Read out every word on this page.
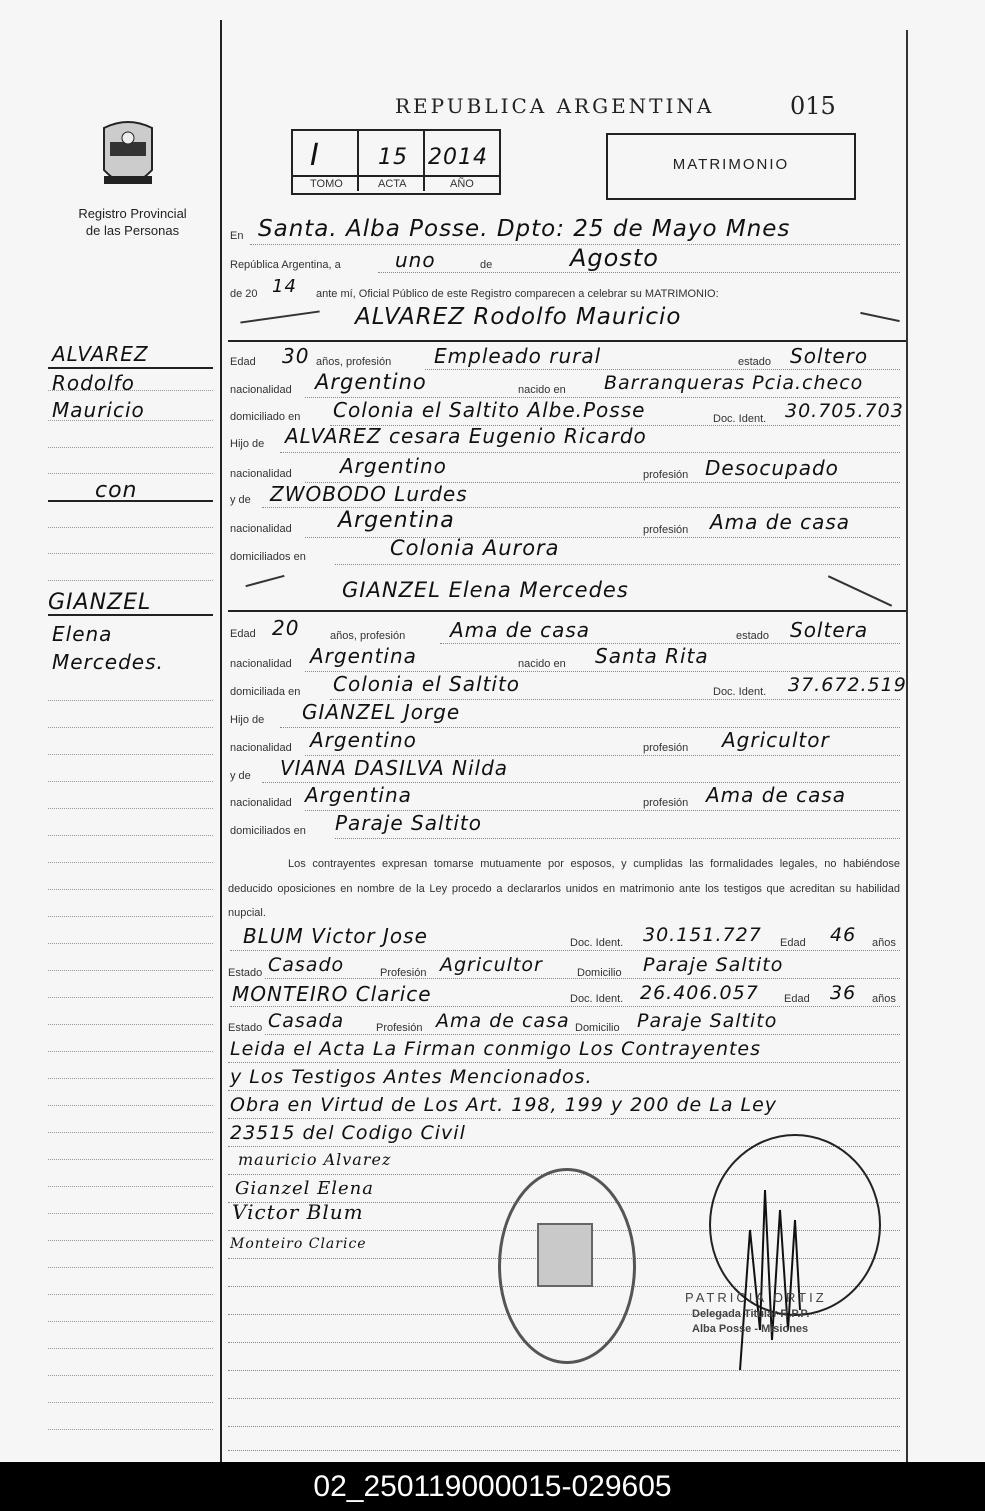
Registro Provincial
de las Personas
REPUBLICA ARGENTINA	015
I	15 2014
TOMO	ACTA	AÑO
MATRIMONIO
ALVAREZ
Rodolfo
Mauricio
con
GIANZEL
Elena
Mercedes.
En Santa. Alba Posse. Dpto: 25 de Mayo Mnes
República Argentina, a	uno	de	Agosto
de 20 14 ante mí, Oficial Público de este Registro comparecen a celebrar su MATRIMONIO:
ALVAREZ Rodolfo Mauricio
Edad 30 años, profesión Empleado rural	estado Soltero
nacionalidad Argentino	nacido en Barranqueras Pcia.checo
domiciliado en Colonia el Saltito Albe.Posse	Doc. Ident. 30.705.703
Hijo de ALVAREZ cesara Eugenio Ricardo
nacionalidad Argentino	profesión Desocupado
y de ZWOBODO Lurdes
nacionalidad Argentina	profesión Ama de casa
domiciliados en	Colonia Aurora
GIANZEL Elena Mercedes
Edad 20	años, profesión Ama de casa	estado Soltera
nacionalidad Argentina	nacido en Santa Rita
domiciliada en Colonia el Saltito	Doc. Ident. 37.672.519
Hijo de GIANZEL Jorge
nacionalidad Argentino	profesión Agricultor
y de VIANA DASILVA Nilda
nacionalidad Argentina	profesión Ama de casa
domiciliados en Paraje Saltito
Los contrayentes expresan tomarse mutuamente por esposos, y cumplidas las formalidades legales, no habiéndose deducido oposiciones en nombre de la Ley procedo a declararlos unidos en matrimonio ante los testigos que acreditan su habilidad nupcial.
BLUM Victor Jose	Doc. Ident. 30.151.727 Edad 46 años
Estado Casado	Profesión Agricultor	Domicilio Paraje Saltito
MONTEIRO Clarice	Doc. Ident. 26.406.057 Edad 36 años
Estado Casada	Profesión Ama de casa Domicilio Paraje Saltito
Leida el Acta La Firman conmigo Los Contrayentes
y Los Testigos Antes Mencionados.
Obra en Virtud de Los Art. 198, 199 y 200 de La Ley
23515 del Codigo Civil
mauricio Alvarez
Gianzel Elena
Victor Blum
Monteiro Clarice
PATRICIA ORTIZ
Delegada Titular R.P.P.
Alba Posse - Misiones
02_250119000015-029605
